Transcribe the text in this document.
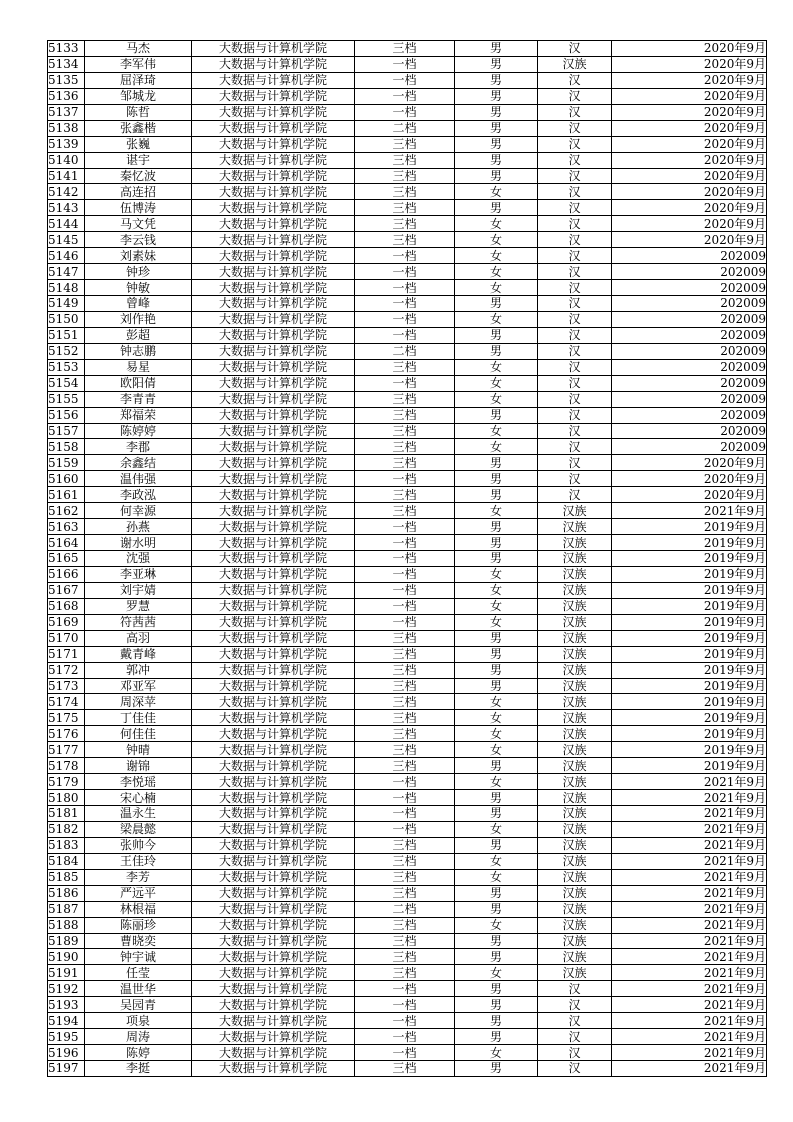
5133	马杰	大数据与计算机学院	三档	男	汉	2020年9月
5134	李军伟	大数据与计算机学院	一档	男	汉族	2020年9月
5135	屈泽琦	大数据与计算机学院	一档	男	汉	2020年9月
5136	邹城龙	大数据与计算机学院	一档	男	汉	2020年9月
5137	陈哲	大数据与计算机学院	一档	男	汉	2020年9月
5138	张鑫楷	大数据与计算机学院	二档	男	汉	2020年9月
5139	张巍	大数据与计算机学院	三档	男	汉	2020年9月
5140	谌宇	大数据与计算机学院	三档	男	汉	2020年9月
5141	秦忆波	大数据与计算机学院	三档	男	汉	2020年9月
5142	高连招	大数据与计算机学院	三档	女	汉	2020年9月
5143	伍博涛	大数据与计算机学院	三档	男	汉	2020年9月
5144	马文凭	大数据与计算机学院	三档	女	汉	2020年9月
5145	李云钱	大数据与计算机学院	三档	女	汉	2020年9月
5146	刘素妹	大数据与计算机学院	一档	女	汉	202009
5147	钟珍	大数据与计算机学院	一档	女	汉	202009
5148	钟敏	大数据与计算机学院	一档	女	汉	202009
5149	曾峰	大数据与计算机学院	一档	男	汉	202009
5150	刘作艳	大数据与计算机学院	一档	女	汉	202009
5151	彭超	大数据与计算机学院	一档	男	汉	202009
5152	钟志鹏	大数据与计算机学院	二档	男	汉	202009
5153	易星	大数据与计算机学院	三档	女	汉	202009
5154	欧阳倩	大数据与计算机学院	一档	女	汉	202009
5155	李青青	大数据与计算机学院	三档	女	汉	202009
5156	郑福荣	大数据与计算机学院	三档	男	汉	202009
5157	陈婷婷	大数据与计算机学院	三档	女	汉	202009
5158	李郡	大数据与计算机学院	三档	女	汉	202009
5159	余鑫结	大数据与计算机学院	三档	男	汉	2020年9月
5160	温伟强	大数据与计算机学院	一档	男	汉	2020年9月
5161	李政泓	大数据与计算机学院	三档	男	汉	2020年9月
5162	何幸源	大数据与计算机学院	三档	女	汉族	2021年9月
5163	孙燕	大数据与计算机学院	一档	男	汉族	2019年9月
5164	谢水明	大数据与计算机学院	一档	男	汉族	2019年9月
5165	沈强	大数据与计算机学院	一档	男	汉族	2019年9月
5166	李亚琳	大数据与计算机学院	一档	女	汉族	2019年9月
5167	刘宇婧	大数据与计算机学院	一档	女	汉族	2019年9月
5168	罗慧	大数据与计算机学院	一档	女	汉族	2019年9月
5169	符茜茜	大数据与计算机学院	一档	女	汉族	2019年9月
5170	高羽	大数据与计算机学院	三档	男	汉族	2019年9月
5171	戴青峰	大数据与计算机学院	三档	男	汉族	2019年9月
5172	郭冲	大数据与计算机学院	三档	男	汉族	2019年9月
5173	邓亚军	大数据与计算机学院	三档	男	汉族	2019年9月
5174	周深苹	大数据与计算机学院	三档	女	汉族	2019年9月
5175	丁佳佳	大数据与计算机学院	三档	女	汉族	2019年9月
5176	何佳佳	大数据与计算机学院	三档	女	汉族	2019年9月
5177	钟晴	大数据与计算机学院	三档	女	汉族	2019年9月
5178	谢锦	大数据与计算机学院	三档	男	汉族	2019年9月
5179	李悦瑶	大数据与计算机学院	一档	女	汉族	2021年9月
5180	宋心楠	大数据与计算机学院	一档	男	汉族	2021年9月
5181	温永生	大数据与计算机学院	一档	男	汉族	2021年9月
5182	梁晨懿	大数据与计算机学院	一档	女	汉族	2021年9月
5183	张帅今	大数据与计算机学院	三档	男	汉族	2021年9月
5184	王佳玲	大数据与计算机学院	三档	女	汉族	2021年9月
5185	李芳	大数据与计算机学院	三档	女	汉族	2021年9月
5186	严远平	大数据与计算机学院	三档	男	汉族	2021年9月
5187	林根福	大数据与计算机学院	二档	男	汉族	2021年9月
5188	陈丽珍	大数据与计算机学院	三档	女	汉族	2021年9月
5189	曹晓奕	大数据与计算机学院	三档	男	汉族	2021年9月
5190	钟宇诚	大数据与计算机学院	三档	男	汉族	2021年9月
5191	任莹	大数据与计算机学院	三档	女	汉族	2021年9月
5192	温世华	大数据与计算机学院	一档	男	汉	2021年9月
5193	吴园青	大数据与计算机学院	一档	男	汉	2021年9月
5194	项泉	大数据与计算机学院	一档	男	汉	2021年9月
5195	周涛	大数据与计算机学院	一档	男	汉	2021年9月
5196	陈婷	大数据与计算机学院	一档	女	汉	2021年9月
5197	李挺	大数据与计算机学院	三档	男	汉	2021年9月
